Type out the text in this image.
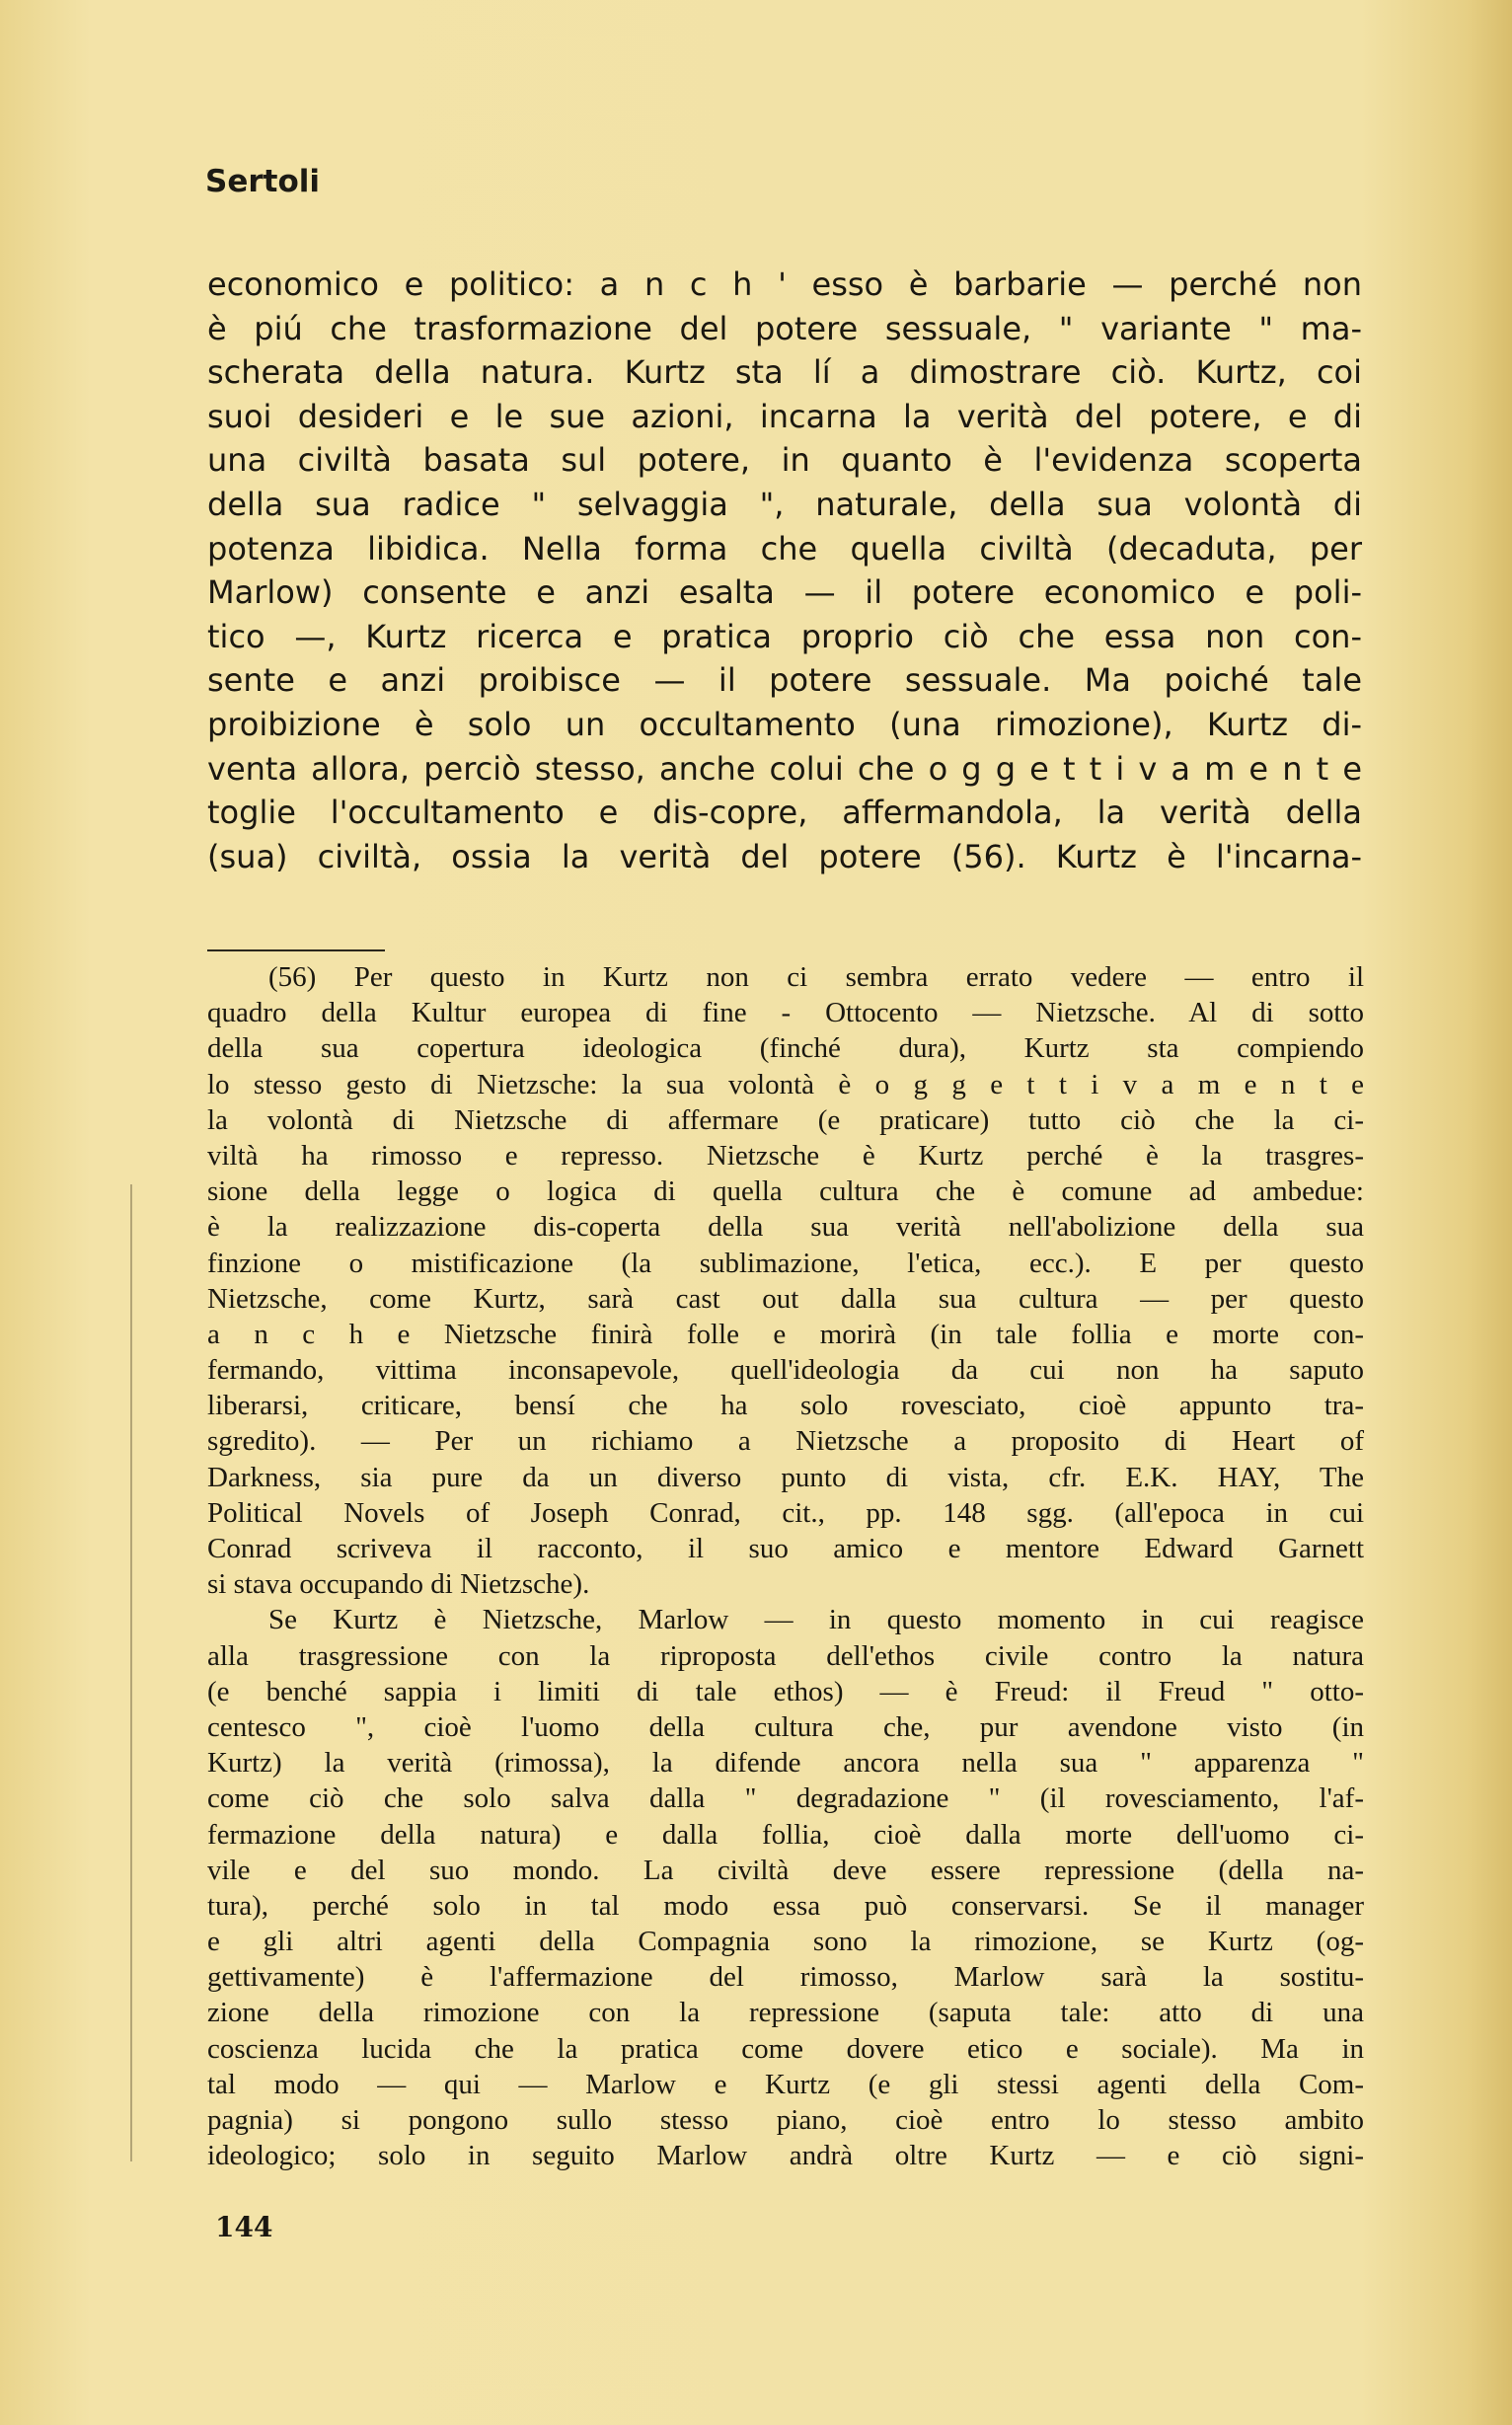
Sertoli
economico e politico: a n c h ' esso è barbarie — perché non
è piú che trasformazione del potere sessuale, " variante " ma-
scherata della natura. Kurtz sta lí a dimostrare ciò. Kurtz, coi
suoi desideri e le sue azioni, incarna la verità del potere, e di
una civiltà basata sul potere, in quanto è l'evidenza scoperta
della sua radice " selvaggia ", naturale, della sua volontà di
potenza libidica. Nella forma che quella civiltà (decaduta, per
Marlow) consente e anzi esalta — il potere economico e poli-
tico —, Kurtz ricerca e pratica proprio ciò che essa non con-
sente e anzi proibisce — il potere sessuale. Ma poiché tale
proibizione è solo un occultamento (una rimozione), Kurtz di-
venta allora, perciò stesso, anche colui che o g g e t t i v a m e n t e
toglie l'occultamento e dis-copre, affermandola, la verità della
(sua) civiltà, ossia la verità del potere (56). Kurtz è l'incarna-
(56) Per questo in Kurtz non ci sembra errato vedere — entro il
quadro della Kultur europea di fine - Ottocento — Nietzsche. Al di sotto
della sua copertura ideologica (finché dura), Kurtz sta compiendo
lo stesso gesto di Nietzsche: la sua volontà è o g g e t t i v a m e n t e
la volontà di Nietzsche di affermare (e praticare) tutto ciò che la ci-
viltà ha rimosso e represso. Nietzsche è Kurtz perché è la trasgres-
sione della legge o logica di quella cultura che è comune ad ambedue:
è la realizzazione dis-coperta della sua verità nell'abolizione della sua
finzione o mistificazione (la sublimazione, l'etica, ecc.). E per questo
Nietzsche, come Kurtz, sarà cast out dalla sua cultura — per questo
a n c h e Nietzsche finirà folle e morirà (in tale follia e morte con-
fermando, vittima inconsapevole, quell'ideologia da cui non ha saputo
liberarsi, criticare, bensí che ha solo rovesciato, cioè appunto tra-
sgredito). — Per un richiamo a Nietzsche a proposito di Heart of
Darkness, sia pure da un diverso punto di vista, cfr. E.K. HAY, The
Political Novels of Joseph Conrad, cit., pp. 148 sgg. (all'epoca in cui
Conrad scriveva il racconto, il suo amico e mentore Edward Garnett
si stava occupando di Nietzsche).
Se Kurtz è Nietzsche, Marlow — in questo momento in cui reagisce
alla trasgressione con la riproposta dell'ethos civile contro la natura
(e benché sappia i limiti di tale ethos) — è Freud: il Freud " otto-
centesco ", cioè l'uomo della cultura che, pur avendone visto (in
Kurtz) la verità (rimossa), la difende ancora nella sua " apparenza "
come ciò che solo salva dalla " degradazione " (il rovesciamento, l'af-
fermazione della natura) e dalla follia, cioè dalla morte dell'uomo ci-
vile e del suo mondo. La civiltà deve essere repressione (della na-
tura), perché solo in tal modo essa può conservarsi. Se il manager
e gli altri agenti della Compagnia sono la rimozione, se Kurtz (og-
gettivamente) è l'affermazione del rimosso, Marlow sarà la sostitu-
zione della rimozione con la repressione (saputa tale: atto di una
coscienza lucida che la pratica come dovere etico e sociale). Ma in
tal modo — qui — Marlow e Kurtz (e gli stessi agenti della Com-
pagnia) si pongono sullo stesso piano, cioè entro lo stesso ambito
ideologico; solo in seguito Marlow andrà oltre Kurtz — e ciò signi-
144
